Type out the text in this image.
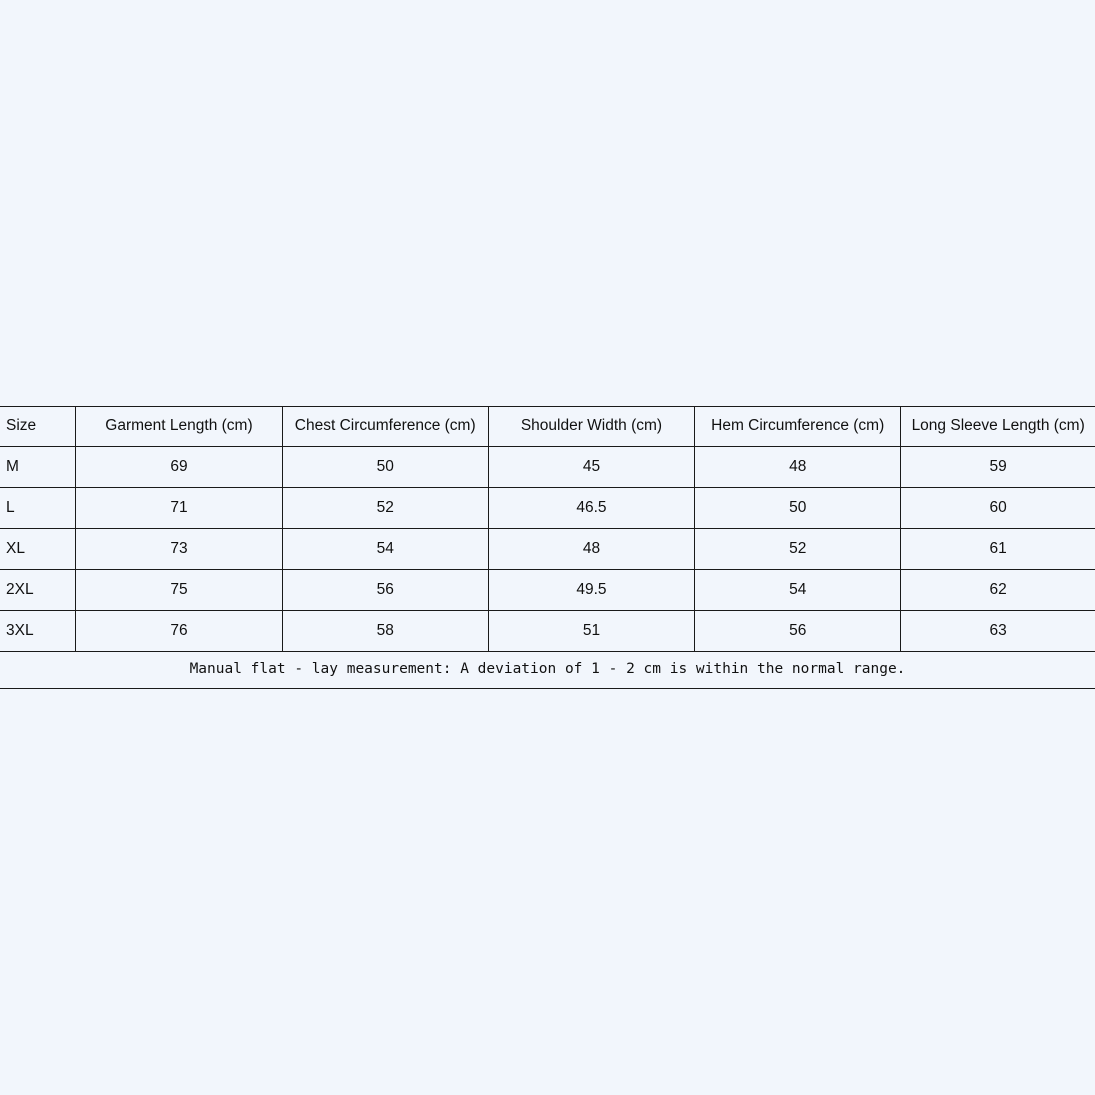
Size	Garment Length (cm)	Chest Circumference (cm)	Shoulder Width (cm)	Hem Circumference (cm)	Long Sleeve Length (cm)
M	69	50	45	48	59
L	71	52	46.5	50	60
XL	73	54	48	52	61
2XL	75	56	49.5	54	62
3XL	76	58	51	56	63
Manual flat - lay measurement: A deviation of 1 - 2 cm is within the normal range.					
